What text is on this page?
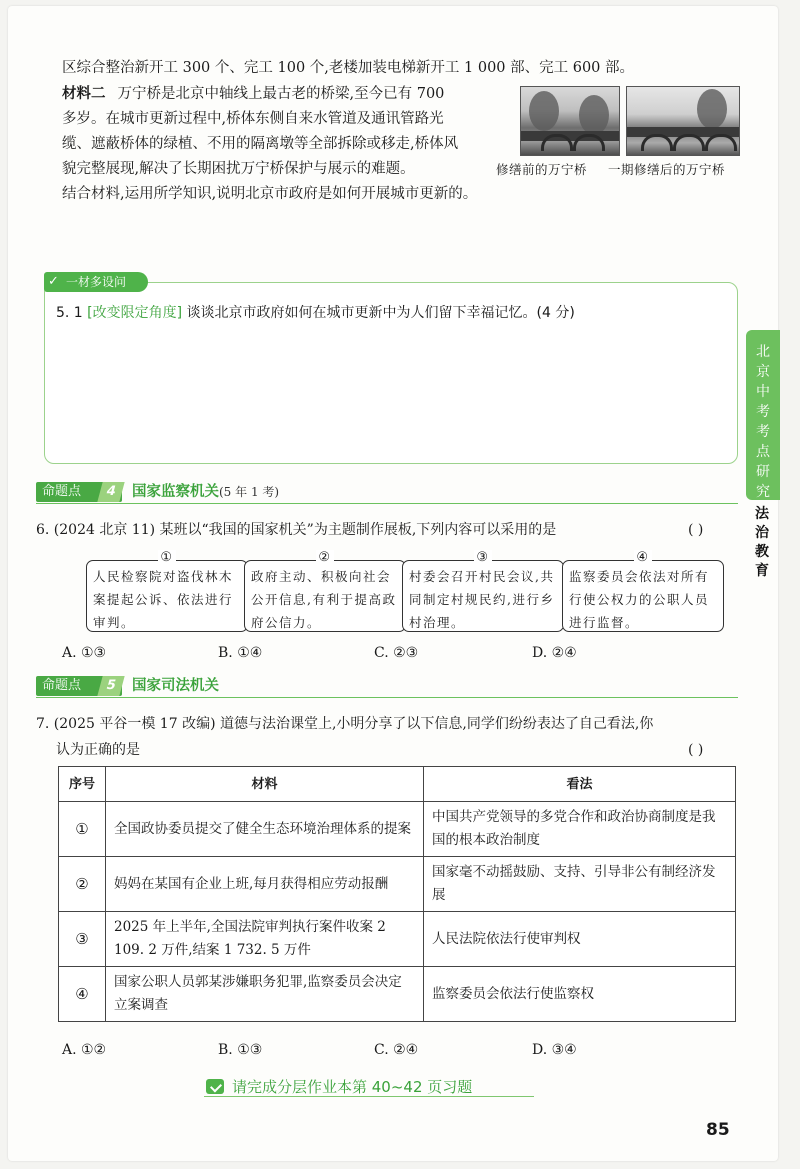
区综合整治新开工 300 个、完工 100 个,老楼加装电梯新开工 1 000 部、完工 600 部。
材料二 万宁桥是北京中轴线上最古老的桥梁,至今已有 700
多岁。在城市更新过程中,桥体东侧自来水管道及通讯管路光
缆、遮蔽桥体的绿植、不用的隔离墩等全部拆除或移走,桥体风
貌完整展现,解决了长期困扰万宁桥保护与展示的难题。
结合材料,运用所学知识,说明北京市政府是如何开展城市更新的。
修缮前的万宁桥 一期修缮后的万宁桥
✓ 一材多设问
5. 1 [改变限定角度] 谈谈北京市政府如何在城市更新中为人们留下幸福记忆。(4 分)
命题点	4 国家监察机关(5 年 1 考)
6. (2024 北京 11) 某班以“我国的国家机关”为主题制作展板,下列内容可以采用的是	( )
①
人民检察院对盗伐林木案提起公诉、依法进行审判。
②
政府主动、积极向社会公开信息,有利于提高政府公信力。
③
村委会召开村民会议,共同制定村规民约,进行乡村治理。
④
监察委员会依法对所有行使公权力的公职人员进行监督。
A. ①③	B. ①④	C. ②③	D. ②④
命题点	5 国家司法机关
7. (2025 平谷一模 17 改编) 道德与法治课堂上,小明分享了以下信息,同学们纷纷表达了自己看法,你
认为正确的是	( )
序号	材料	看法
①	全国政协委员提交了健全生态环境治理体系的提案	中国共产党领导的多党合作和政治协商制度是我国的根本政治制度
②	妈妈在某国有企业上班,每月获得相应劳动报酬	国家毫不动摇鼓励、支持、引导非公有制经济发展
③	2025 年上半年,全国法院审判执行案件收案 2 109. 2 万件,结案 1 732. 5 万件	人民法院依法行使审判权
④	国家公职人员郭某涉嫌职务犯罪,监察委员会决定立案调查	监察委员会依法行使监察权
A. ①②	B. ①③	C. ②④	D. ③④
请完成分层作业本第 40~42 页习题
85
北
京
中
考
考
点
研
究
法
治
教
育
